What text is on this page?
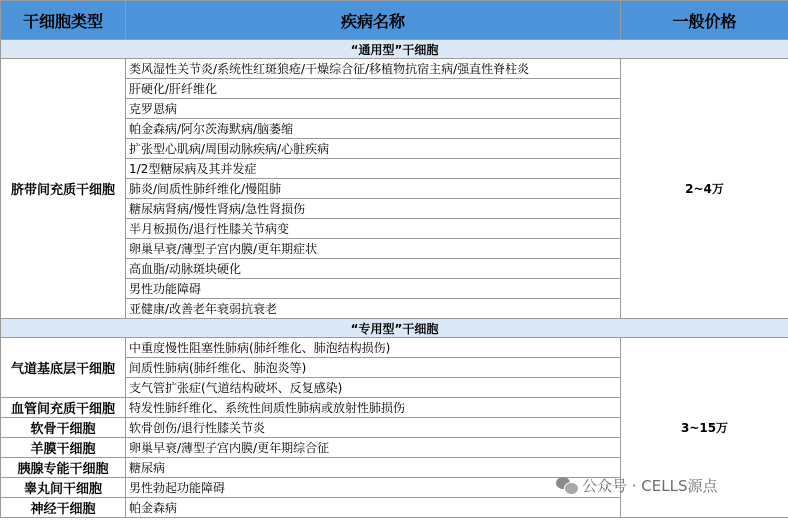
干细胞类型	疾病名称	一般价格
“通用型”干细胞		
脐带间充质干细胞	类风湿性关节炎/系统性红斑狼疮/干燥综合征/移植物抗宿主病/强直性脊柱炎	2~4万
	肝硬化/肝纤维化	
	克罗恩病	
	帕金森病/阿尔茨海默病/脑萎缩	
	扩张型心肌病/周围动脉疾病/心脏疾病	
	1/2型糖尿病及其并发症	
	肺炎/间质性肺纤维化/慢阻肺	
	糖尿病肾病/慢性肾病/急性肾损伤	
	半月板损伤/退行性膝关节病变	
	卵巢早衰/薄型子宫内膜/更年期症状	
	高血脂/动脉斑块硬化	
	男性功能障碍	
	亚健康/改善老年衰弱抗衰老	
“专用型”干细胞		
气道基底层干细胞	中重度慢性阻塞性肺病(肺纤维化、肺泡结构损伤)	3~15万
	间质性肺病(肺纤维化、肺泡炎等)	
	支气管扩张症(气道结构破坏、反复感染)	
血管间充质干细胞	特发性肺纤维化、系统性间质性肺病或放射性肺损伤	
软骨干细胞	软骨创伤/退行性膝关节炎	
羊膜干细胞	卵巢早衰/薄型子宫内膜/更年期综合征	
胰腺专能干细胞	糖尿病	
睾丸间干细胞	男性勃起功能障碍	
神经干细胞	帕金森病	
公众号 · CELLS源点
